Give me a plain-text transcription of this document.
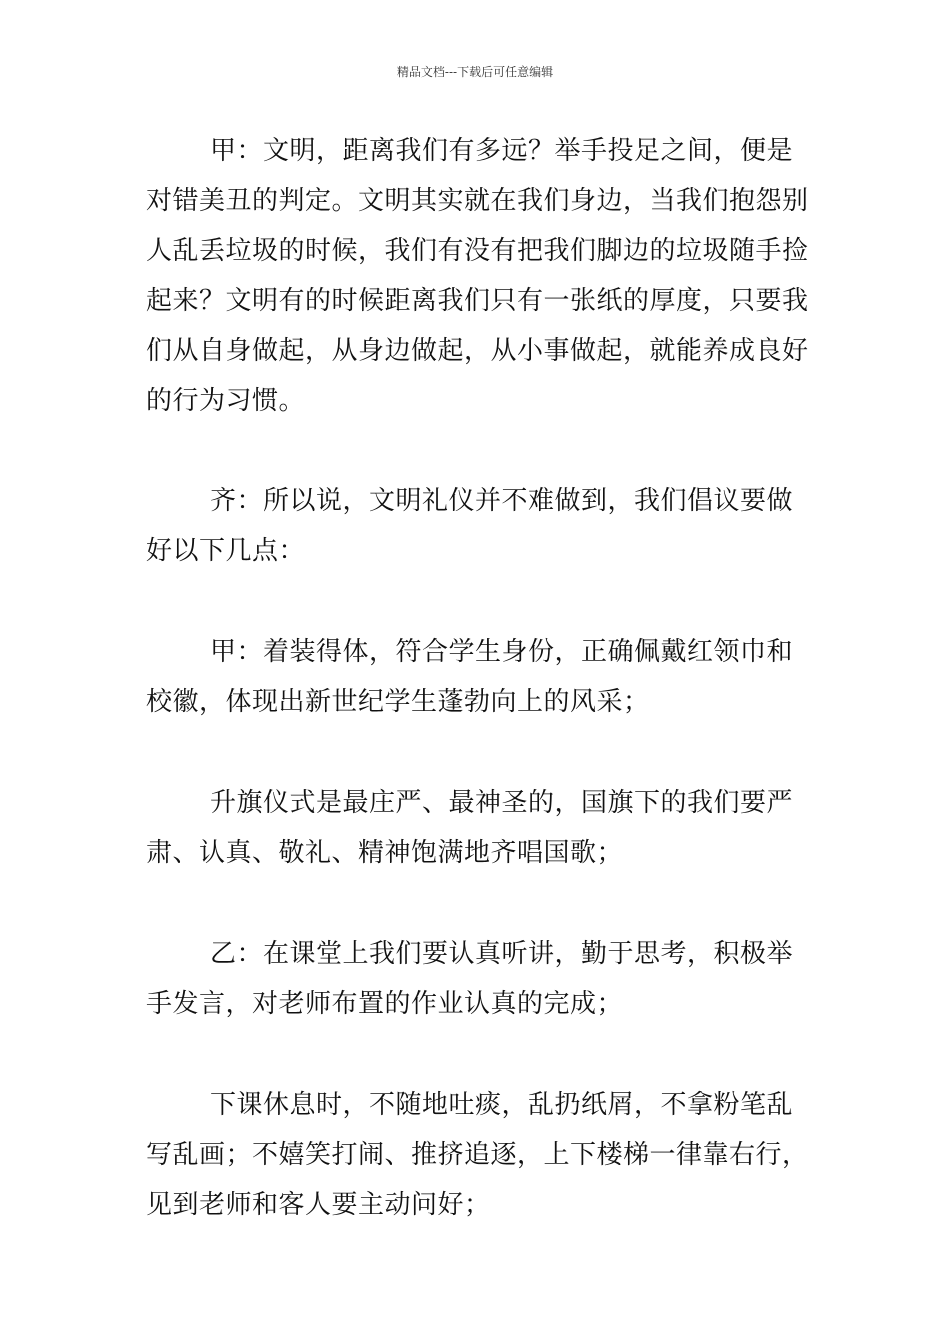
精品文档---下载后可任意编辑

甲：文明，距离我们有多远？举手投足之间，便是对错美丑的判定。文明其实就在我们身边，当我们抱怨别人乱丢垃圾的时候，我们有没有把我们脚边的垃圾随手捡起来？文明有的时候距离我们只有一张纸的厚度，只要我们从自身做起，从身边做起，从小事做起，就能养成良好的行为习惯。

齐：所以说，文明礼仪并不难做到，我们倡议要做好以下几点：

甲：着装得体，符合学生身份，正确佩戴红领巾和校徽，体现出新世纪学生蓬勃向上的风采；

升旗仪式是最庄严、最神圣的，国旗下的我们要严肃、认真、敬礼、精神饱满地齐唱国歌；

乙：在课堂上我们要认真听讲，勤于思考，积极举手发言，对老师布置的作业认真的完成；

下课休息时，不随地吐痰，乱扔纸屑，不拿粉笔乱写乱画；不嬉笑打闹、推挤追逐，上下楼梯一律靠右行，见到老师和客人要主动问好；
